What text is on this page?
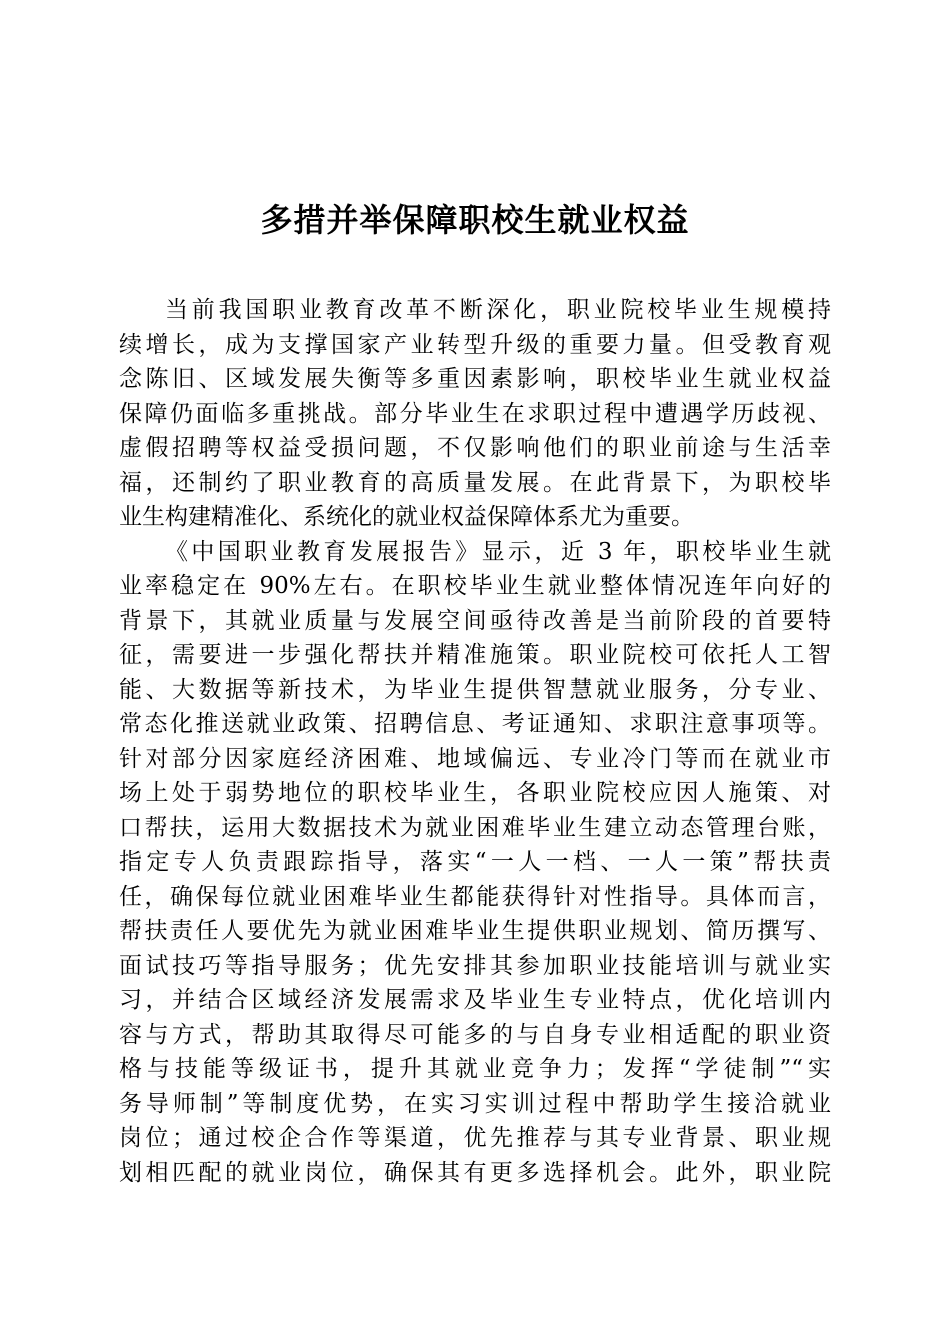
多措并举保障职校生就业权益
当前我国职业教育改革不断深化，职业院校毕业生规模持
续增长，成为支撑国家产业转型升级的重要力量。但受教育观
念陈旧、区域发展失衡等多重因素影响，职校毕业生就业权益
保障仍面临多重挑战。部分毕业生在求职过程中遭遇学历歧视、
虚假招聘等权益受损问题，不仅影响他们的职业前途与生活幸
福，还制约了职业教育的高质量发展。在此背景下，为职校毕
业生构建精准化、系统化的就业权益保障体系尤为重要。
《中国职业教育发展报告》显示，近 3 年，职校毕业生就
业率稳定在 90%左右。在职校毕业生就业整体情况连年向好的
背景下，其就业质量与发展空间亟待改善是当前阶段的首要特
征，需要进一步强化帮扶并精准施策。职业院校可依托人工智
能、大数据等新技术，为毕业生提供智慧就业服务，分专业、
常态化推送就业政策、招聘信息、考证通知、求职注意事项等。
针对部分因家庭经济困难、地域偏远、专业冷门等而在就业市
场上处于弱势地位的职校毕业生，各职业院校应因人施策、对
口帮扶，运用大数据技术为就业困难毕业生建立动态管理台账，
指定专人负责跟踪指导，落实“一人一档、一人一策”帮扶责
任，确保每位就业困难毕业生都能获得针对性指导。具体而言，
帮扶责任人要优先为就业困难毕业生提供职业规划、简历撰写、
面试技巧等指导服务；优先安排其参加职业技能培训与就业实
习，并结合区域经济发展需求及毕业生专业特点，优化培训内
容与方式，帮助其取得尽可能多的与自身专业相适配的职业资
格与技能等级证书，提升其就业竞争力；发挥“学徒制”“实
务导师制”等制度优势，在实习实训过程中帮助学生接洽就业
岗位；通过校企合作等渠道，优先推荐与其专业背景、职业规
划相匹配的就业岗位，确保其有更多选择机会。此外，职业院
